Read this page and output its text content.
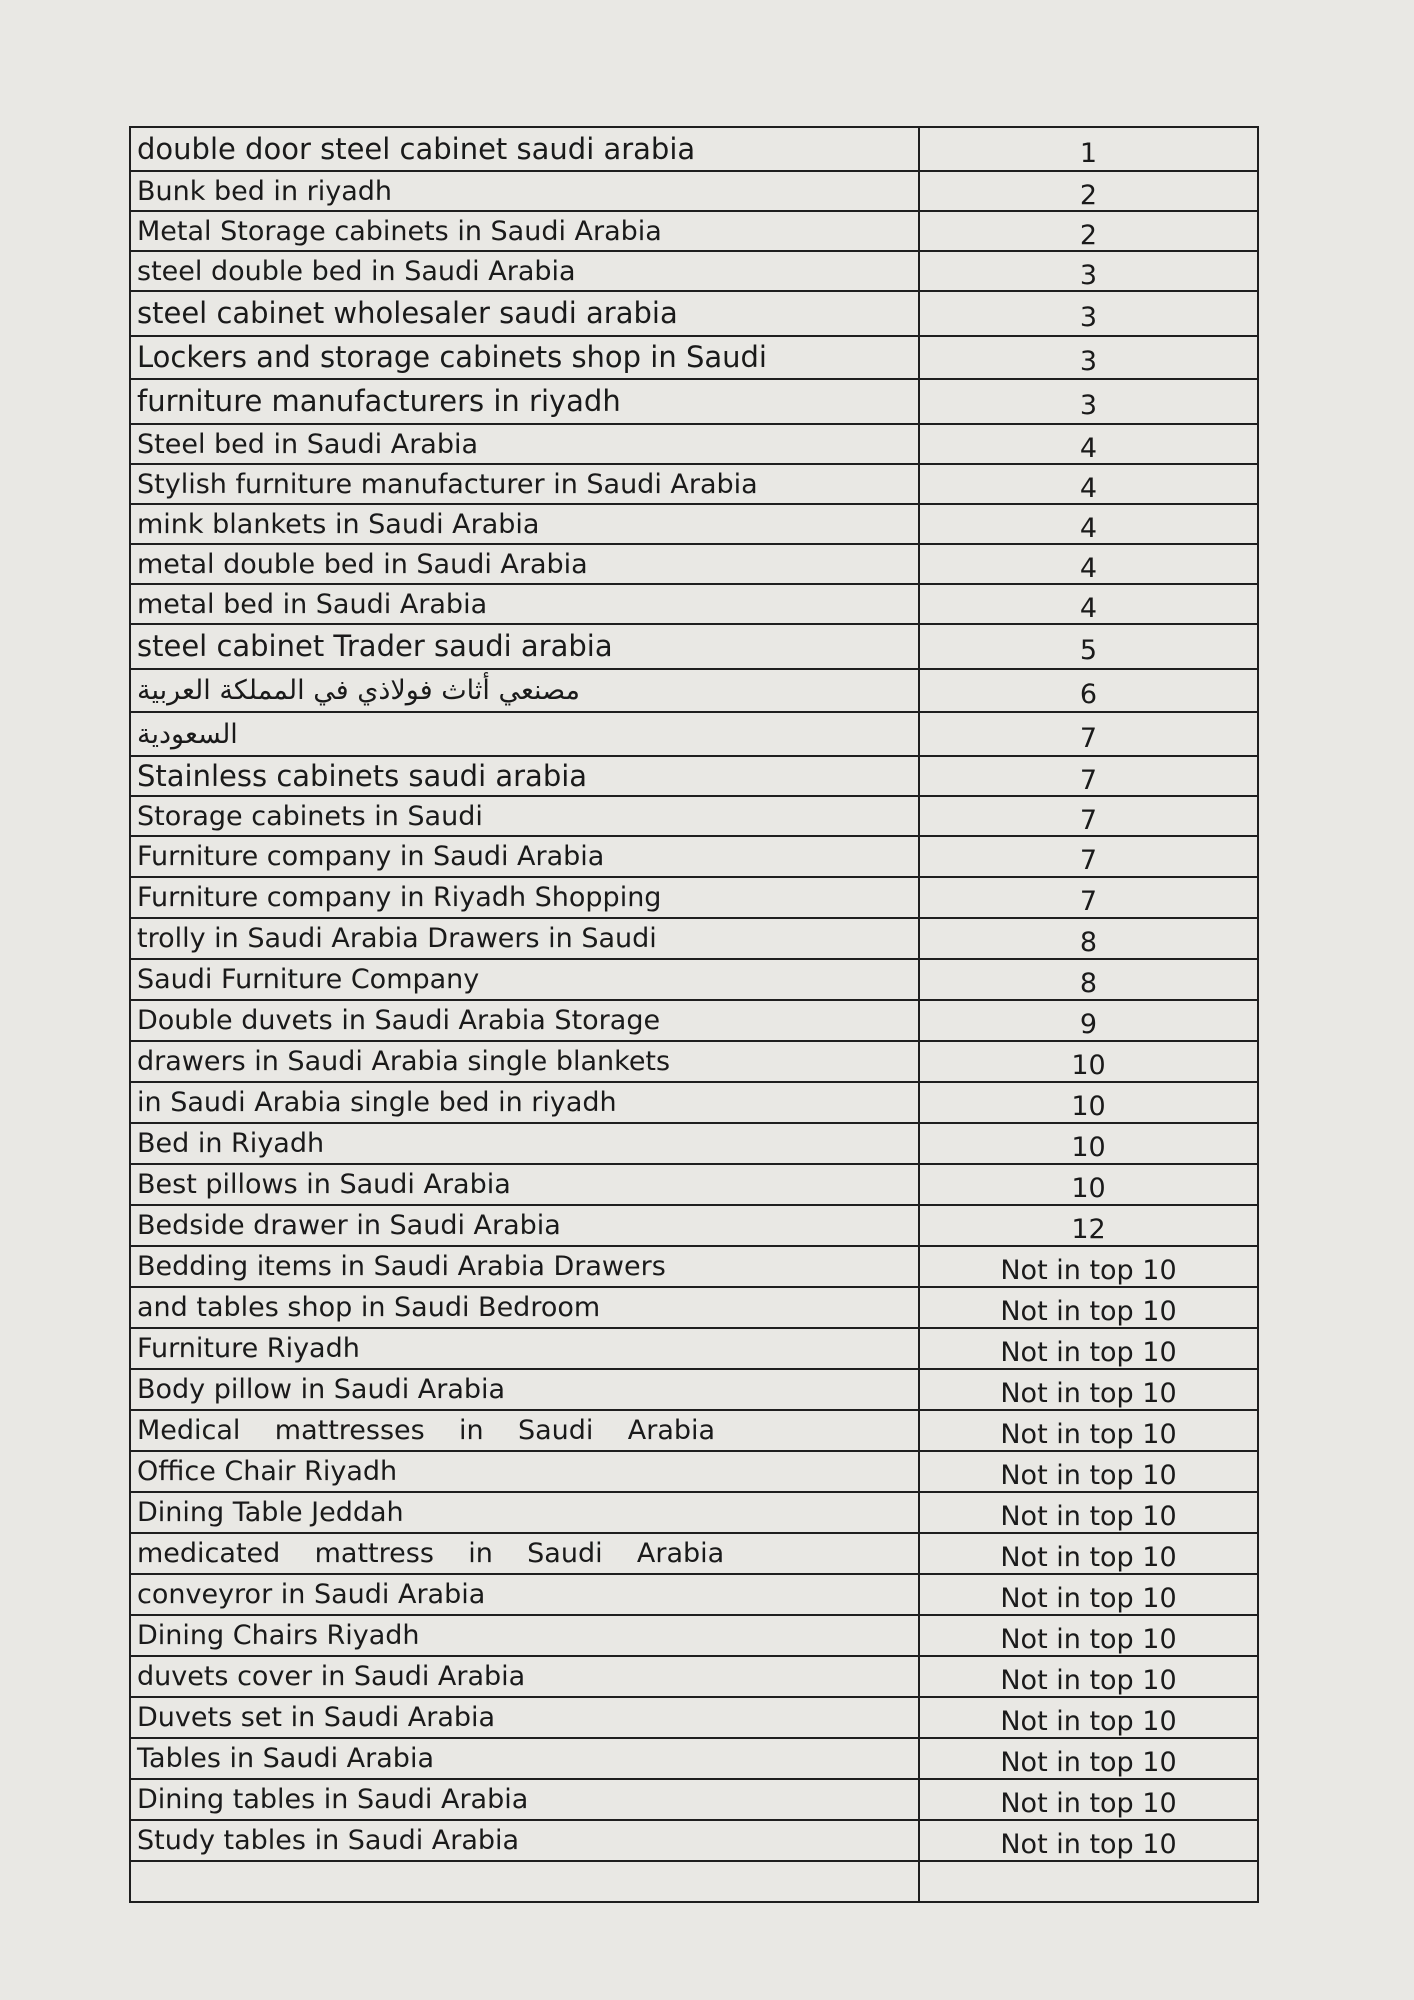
double door steel cabinet saudi arabia	1
Bunk bed in riyadh	2
Metal Storage cabinets in Saudi Arabia	2
steel double bed in Saudi Arabia	3
steel cabinet wholesaler saudi arabia	3
Lockers and storage cabinets shop in Saudi	3
furniture manufacturers in riyadh	3
Steel bed in Saudi Arabia	4
Stylish furniture manufacturer in Saudi Arabia	4
mink blankets in Saudi Arabia	4
metal double bed in Saudi Arabia	4
metal bed in Saudi Arabia	4
steel cabinet Trader saudi arabia	5
مصنعي أثاث فولاذي في المملكة العربية	6
السعودية	7
Stainless cabinets saudi arabia	7
Storage cabinets in Saudi	7
Furniture company in Saudi Arabia	7
Furniture company in Riyadh Shopping	7
trolly in Saudi Arabia Drawers in Saudi	8
Saudi Furniture Company	8
Double duvets in Saudi Arabia Storage	9
drawers in Saudi Arabia single blankets	10
in Saudi Arabia single bed in riyadh	10
Bed in Riyadh	10
Best pillows in Saudi Arabia	10
Bedside drawer in Saudi Arabia	12
Bedding items in Saudi Arabia Drawers	Not in top 10
and tables shop in Saudi Bedroom	Not in top 10
Furniture Riyadh	Not in top 10
Body pillow in Saudi Arabia	Not in top 10
Medical    mattresses    in    Saudi    Arabia	Not in top 10
Office Chair Riyadh	Not in top 10
Dining Table Jeddah	Not in top 10
medicated    mattress    in    Saudi    Arabia	Not in top 10
conveyror in Saudi Arabia	Not in top 10
Dining Chairs Riyadh	Not in top 10
duvets cover in Saudi Arabia	Not in top 10
Duvets set in Saudi Arabia	Not in top 10
Tables in Saudi Arabia	Not in top 10
Dining tables in Saudi Arabia	Not in top 10
Study tables in Saudi Arabia	Not in top 10
